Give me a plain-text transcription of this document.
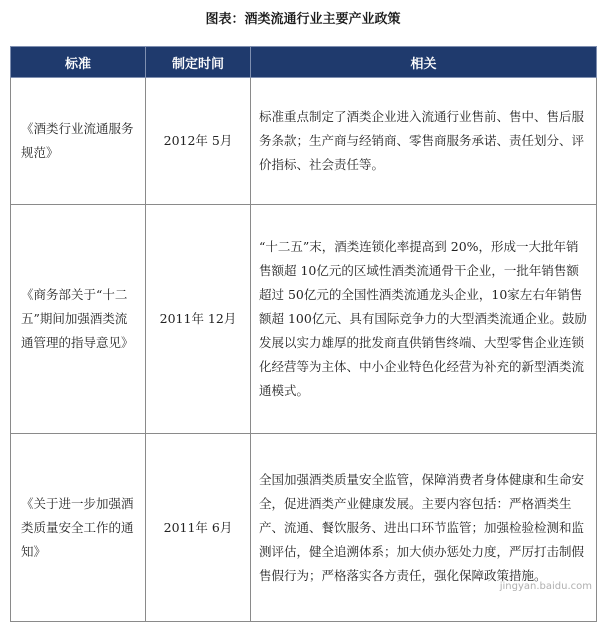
图表：酒类流通行业主要产业政策
标准	制定时间	相关
《酒类行业流通服务规范》	2012年 5月	标准重点制定了酒类企业进入流通行业售前、售中、售后服务条款；生产商与经销商、零售商服务承诺、责任划分、评价指标、社会责任等。
《商务部关于“十二五”期间加强酒类流通管理的指导意见》	2011年 12月	“十二五”末，酒类连锁化率提高到 20%，形成一大批年销售额超 10亿元的区域性酒类流通骨干企业，一批年销售额超过 50亿元的全国性酒类流通龙头企业，10家左右年销售额超 100亿元、具有国际竞争力的大型酒类流通企业。鼓励发展以实力雄厚的批发商直供销售终端、大型零售企业连锁化经营等为主体、中小企业特色化经营为补充的新型酒类流通模式。
《关于进一步加强酒类质量安全工作的通知》	2011年 6月	全国加强酒类质量安全监管，保障消费者身体健康和生命安全，促进酒类产业健康发展。主要内容包括：严格酒类生产、流通、餐饮服务、进出口环节监管；加强检验检测和监测评估，健全追溯体系；加大侦办惩处力度，严厉打击制假售假行为；严格落实各方责任，强化保障政策措施。
jingyan.baidu.com
